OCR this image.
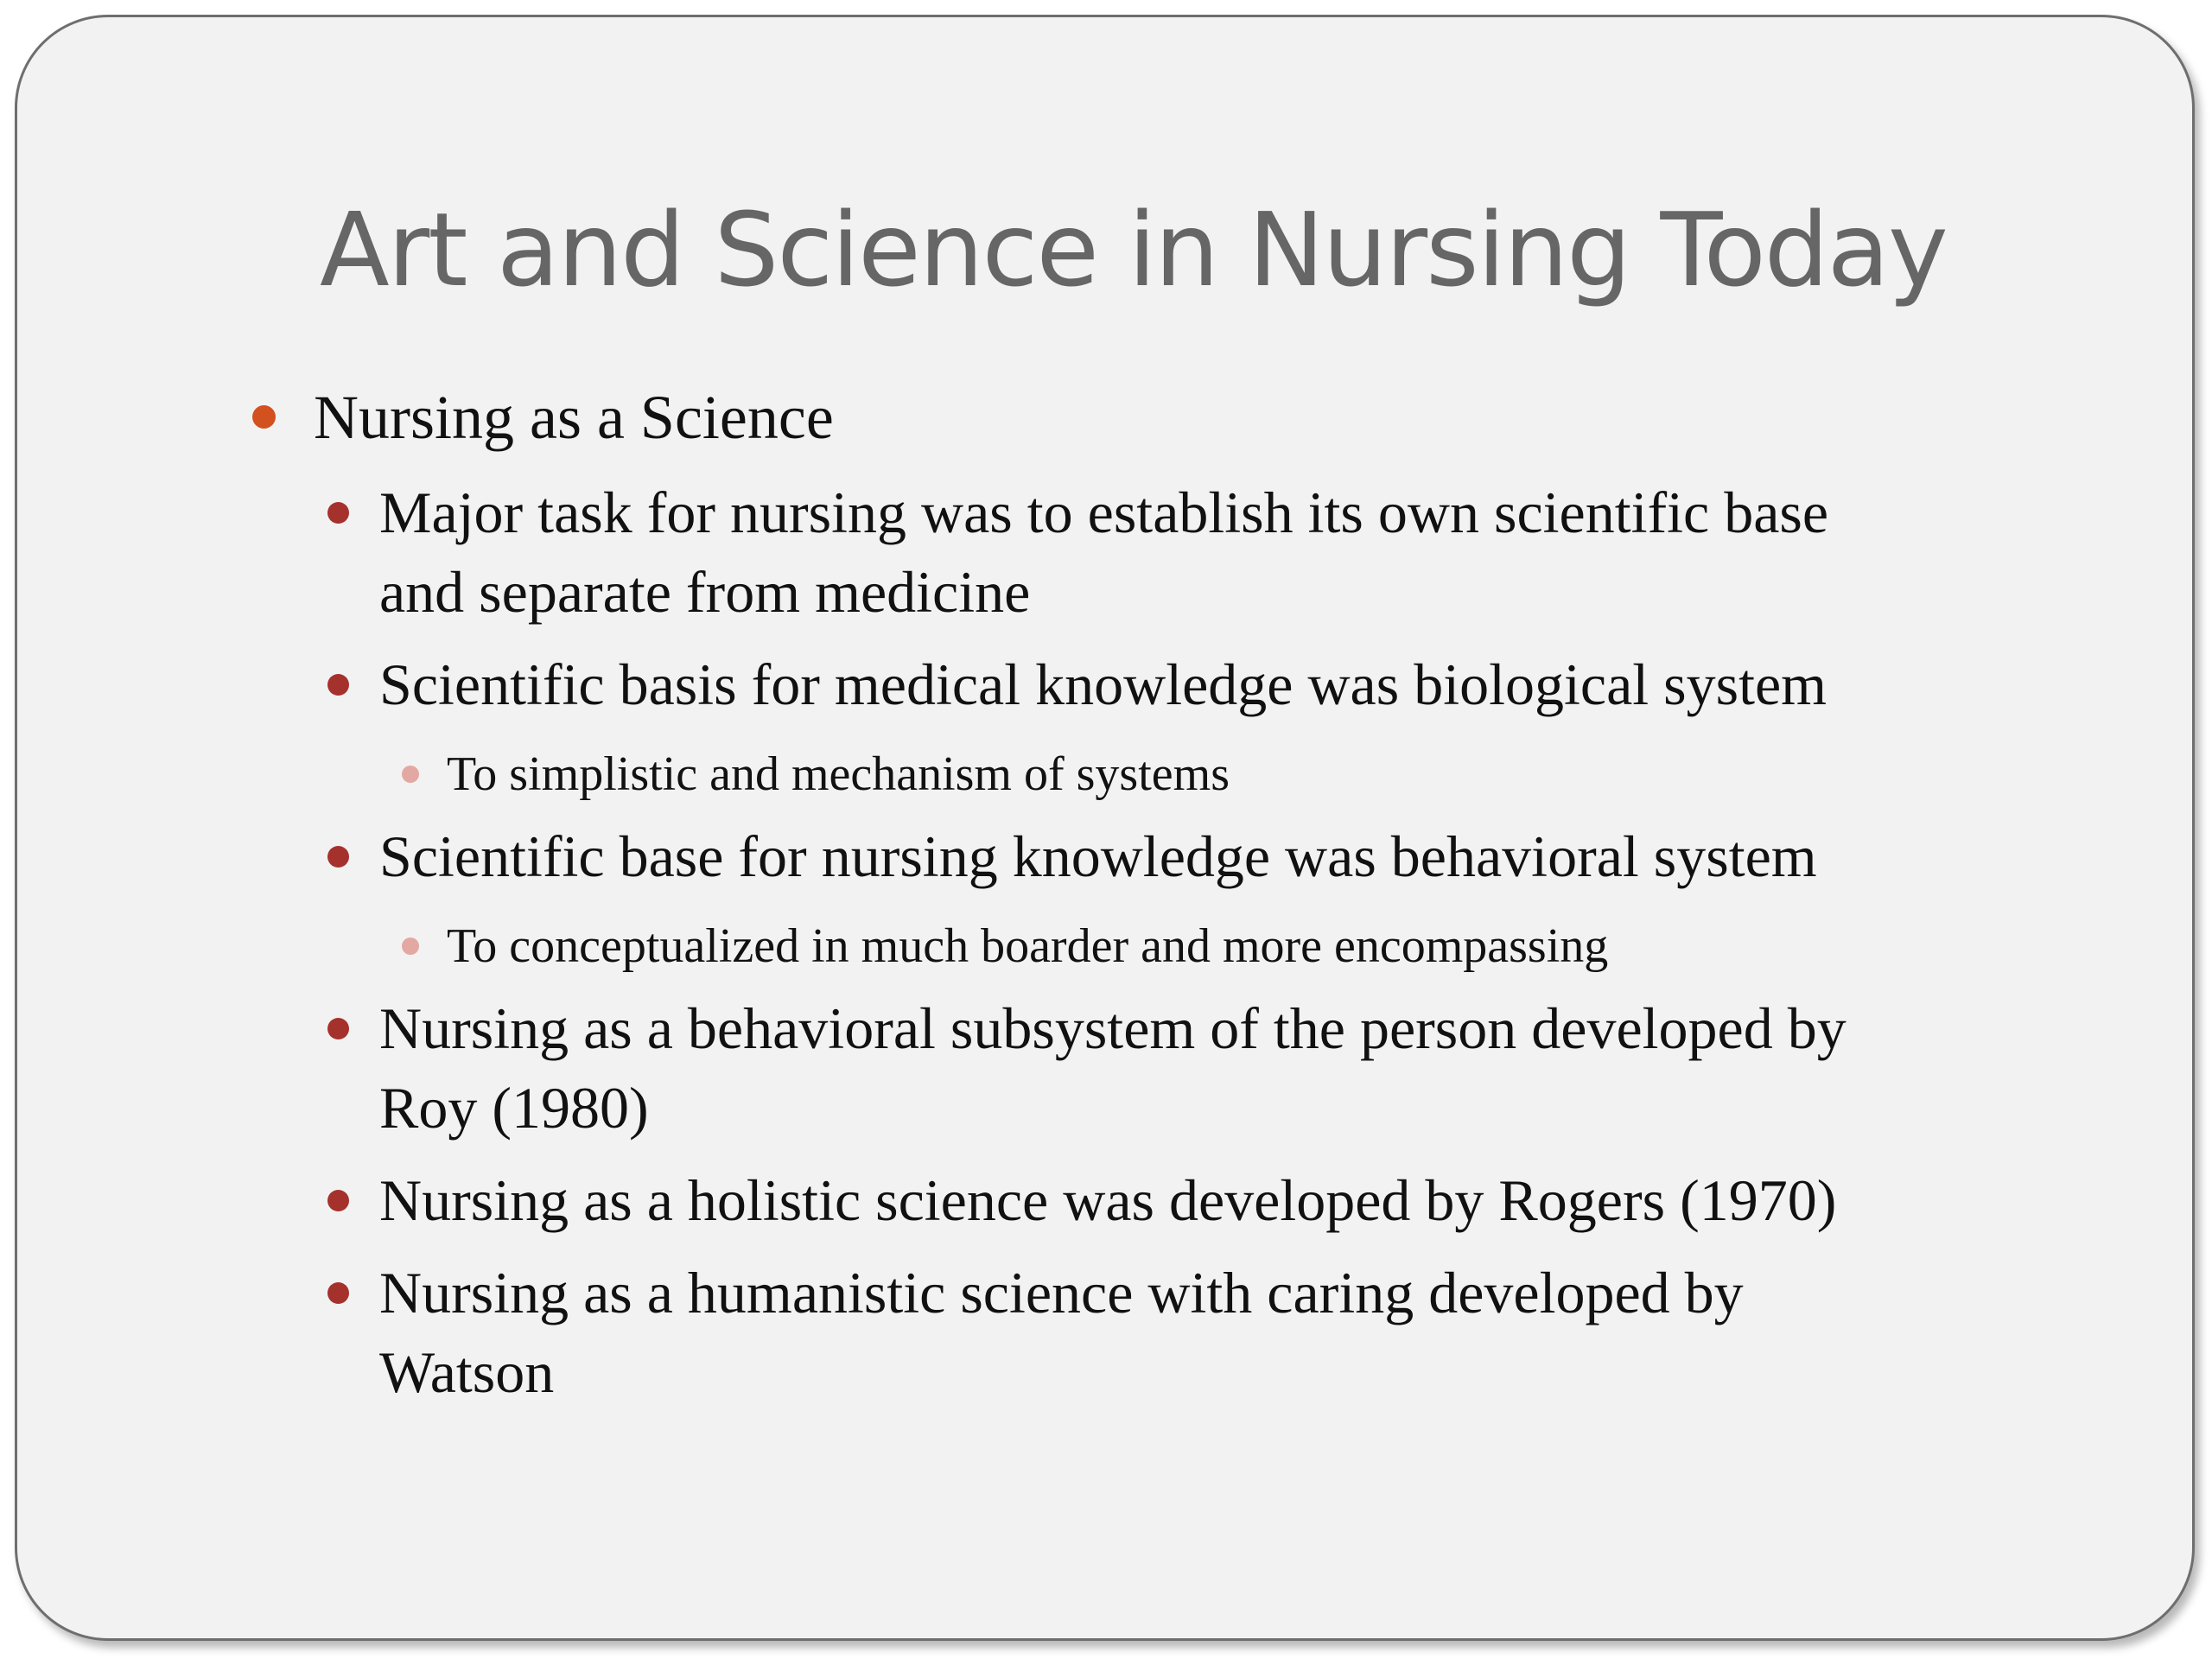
Art and Science in Nursing Today
Nursing as a Science
Major task for nursing was to establish its own scientific base
and separate from medicine
Scientific basis for medical knowledge was biological system
To simplistic and mechanism of systems
Scientific base for nursing knowledge was behavioral system
To conceptualized in much boarder and more encompassing
Nursing as a behavioral subsystem of the person developed by
Roy (1980)
Nursing as a holistic science was developed by Rogers (1970)
Nursing as a humanistic science with caring developed by
Watson
